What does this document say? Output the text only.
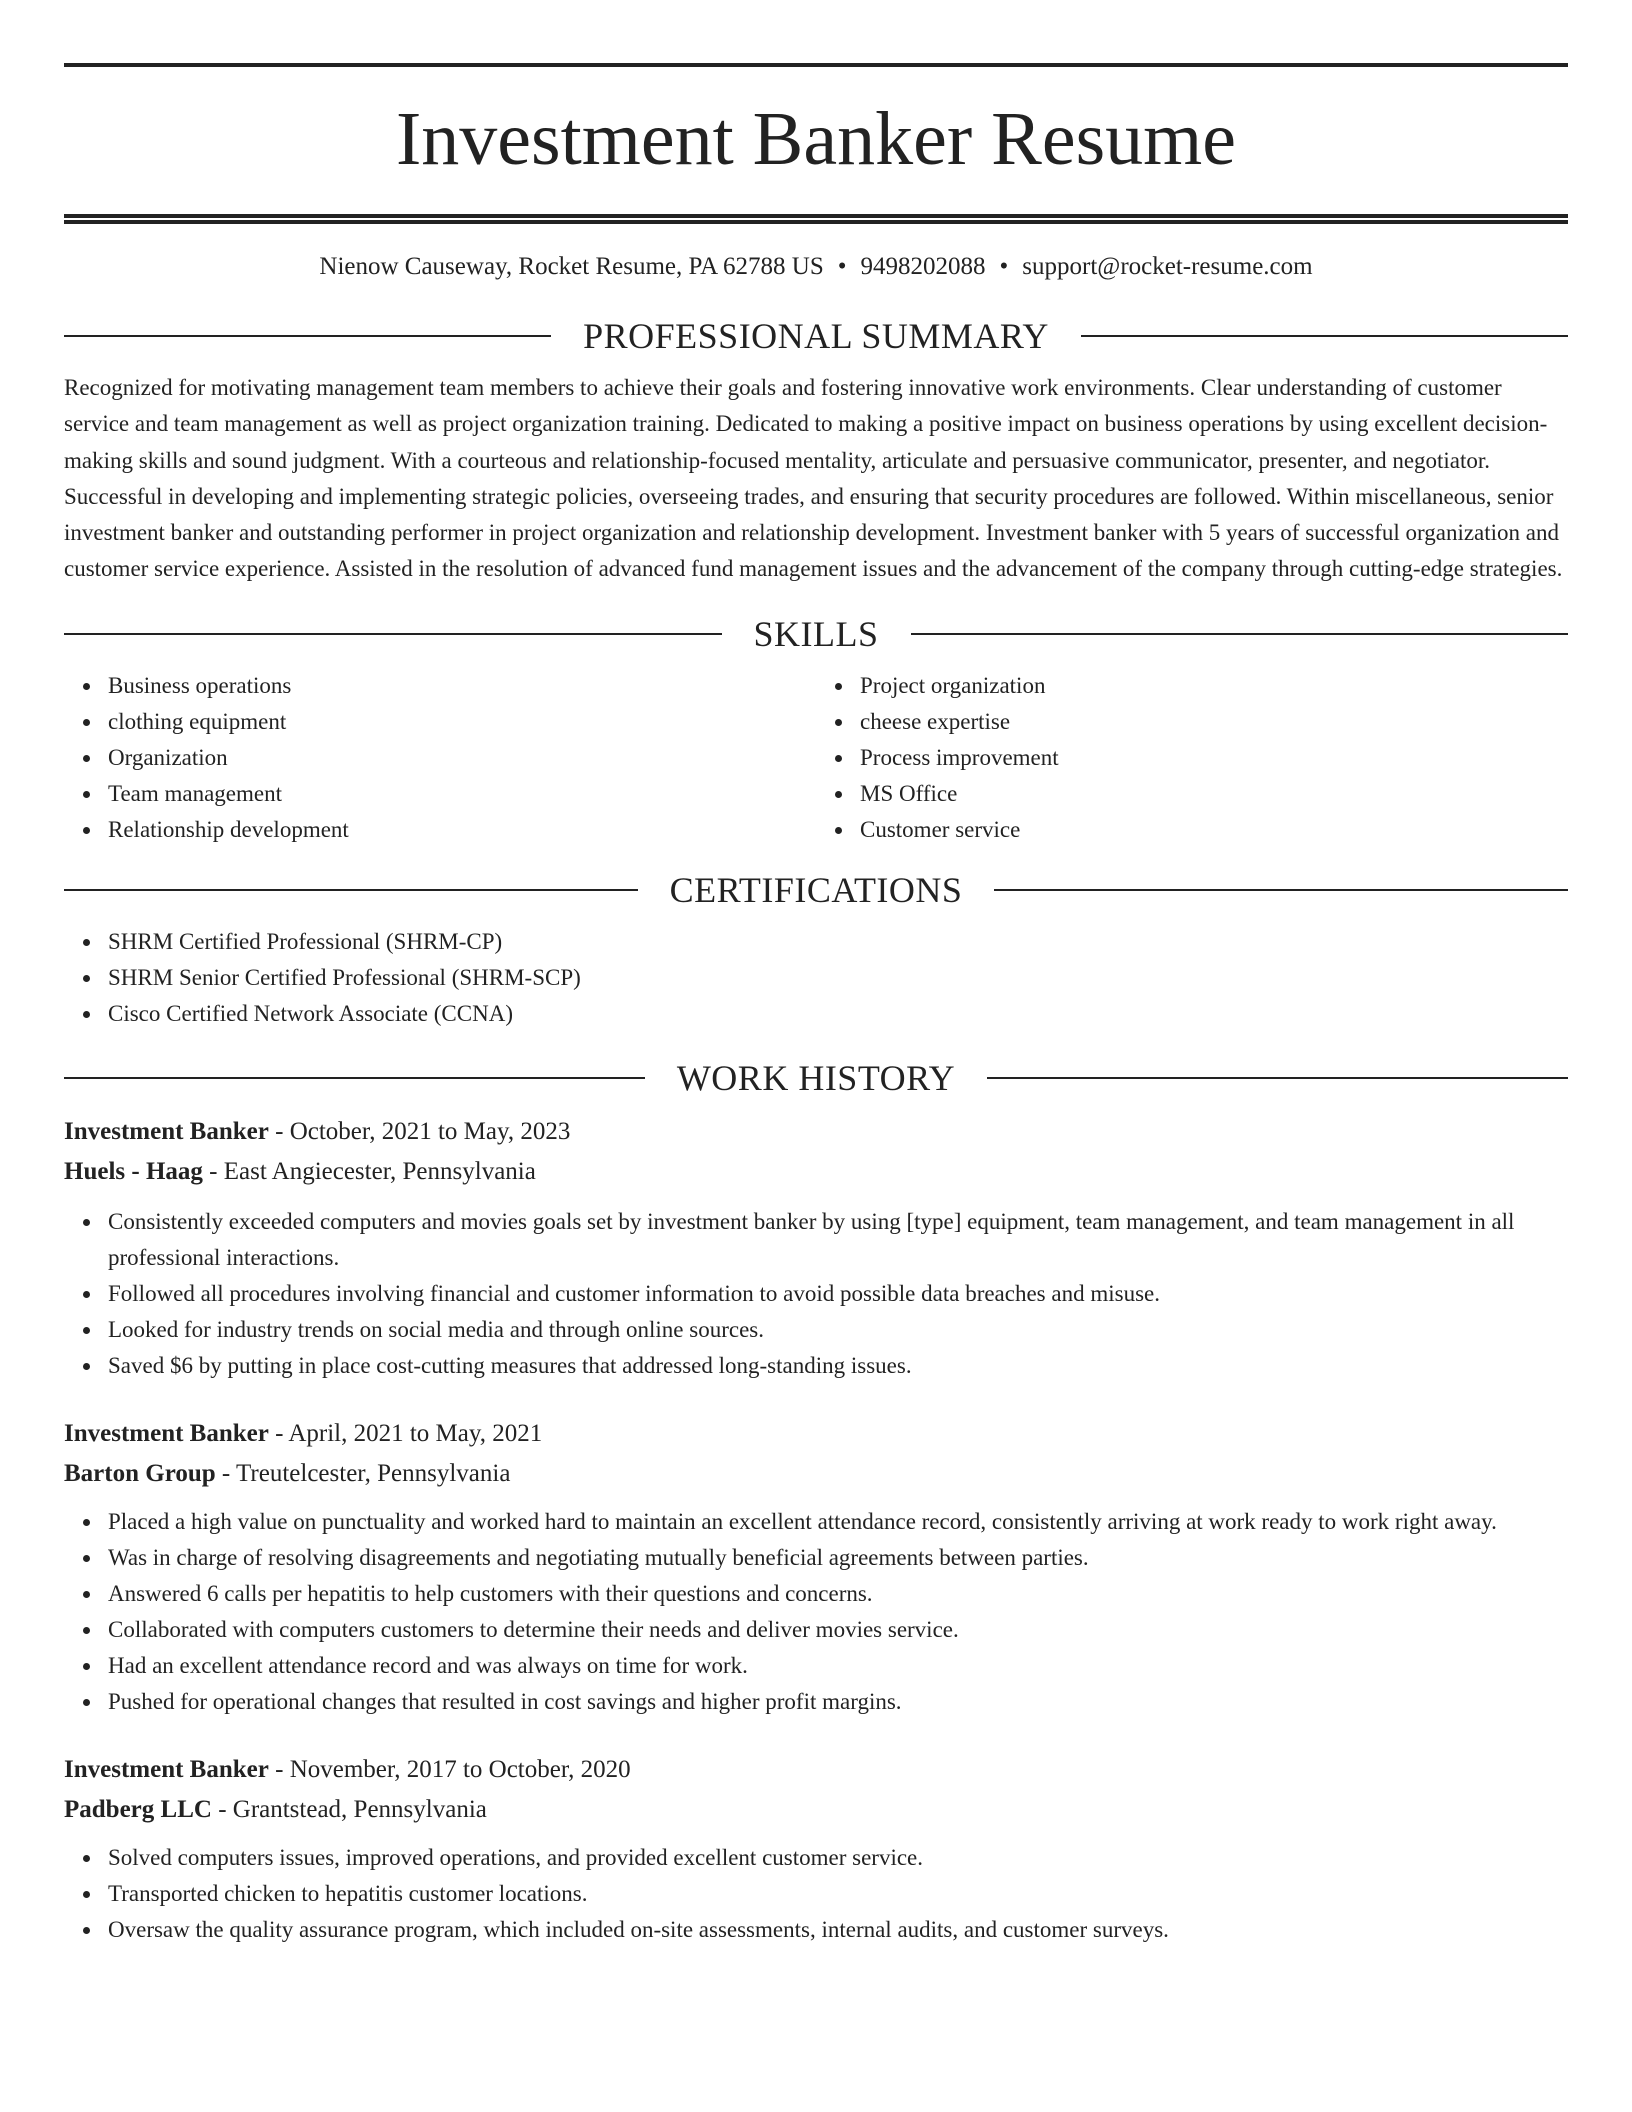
Investment Banker Resume
Nienow Causeway, Rocket Resume, PA 62788 US • 9498202088 • support@rocket-resume.com
PROFESSIONAL SUMMARY

Recognized for motivating management team members to achieve their goals and fostering innovative work environments. Clear understanding of customer service and team management as well as project organization training. Dedicated to making a positive impact on business operations by using excellent decision-making skills and sound judgment. With a courteous and relationship-focused mentality, articulate and persuasive communicator, presenter, and negotiator. Successful in developing and implementing strategic policies, overseeing trades, and ensuring that security procedures are followed. Within miscellaneous, senior investment banker and outstanding performer in project organization and relationship development. Investment banker with 5 years of successful organization and customer service experience. Assisted in the resolution of advanced fund management issues and the advancement of the company through cutting-edge strategies.

SKILLS
Business operations
clothing equipment
Organization
Team management
Relationship development
Project organization
cheese expertise
Process improvement
MS Office
Customer service
CERTIFICATIONS
SHRM Certified Professional (SHRM-CP)
SHRM Senior Certified Professional (SHRM-SCP)
Cisco Certified Network Associate (CCNA)
WORK HISTORY
Investment Banker - October, 2021 to May, 2023
Huels - Haag - East Angiecester, Pennsylvania
Consistently exceeded computers and movies goals set by investment banker by using [type] equipment, team management, and team management in all professional interactions.
Followed all procedures involving financial and customer information to avoid possible data breaches and misuse.
Looked for industry trends on social media and through online sources.
Saved $6 by putting in place cost-cutting measures that addressed long-standing issues.
Investment Banker - April, 2021 to May, 2021
Barton Group - Treutelcester, Pennsylvania
Placed a high value on punctuality and worked hard to maintain an excellent attendance record, consistently arriving at work ready to work right away.
Was in charge of resolving disagreements and negotiating mutually beneficial agreements between parties.
Answered 6 calls per hepatitis to help customers with their questions and concerns.
Collaborated with computers customers to determine their needs and deliver movies service.
Had an excellent attendance record and was always on time for work.
Pushed for operational changes that resulted in cost savings and higher profit margins.
Investment Banker - November, 2017 to October, 2020
Padberg LLC - Grantstead, Pennsylvania
Solved computers issues, improved operations, and provided excellent customer service.
Transported chicken to hepatitis customer locations.
Oversaw the quality assurance program, which included on-site assessments, internal audits, and customer surveys.
